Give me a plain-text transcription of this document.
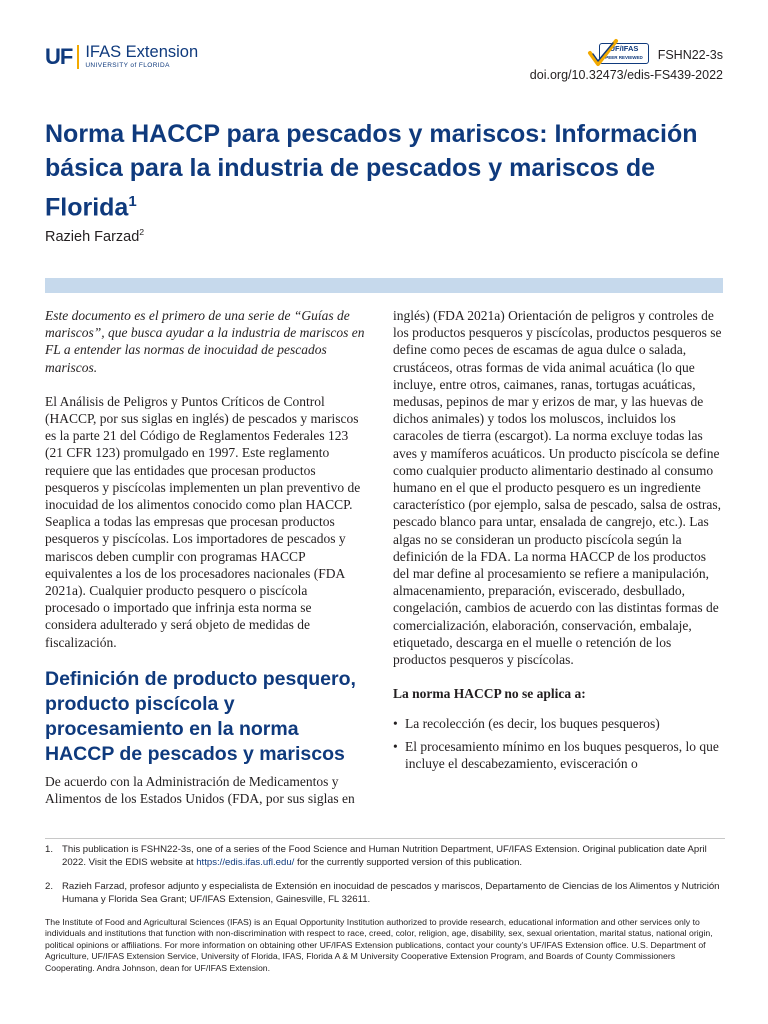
UF IFAS Extension
UNIVERSITY of FLORIDA
UF/IFAS
PEER REVIEWED	FSHN22-3s
doi.org/10.32473/edis-FS439-2022
Norma HACCP para pescados y mariscos: Información básica para la industria de pescados y mariscos de Florida$^1$
Razieh Farzad$^2$

Este documento es el primero de una serie de “Guías de mariscos”, que busca ayudar a la industria de mariscos en FL a entender las normas de inocuidad de pescados mariscos.

El Análisis de Peligros y Puntos Críticos de Control (HACCP, por sus siglas en inglés) de pescados y mariscos es la parte 21 del Código de Reglamentos Federales 123 (21 CFR 123) promulgado en 1997. Este reglamento requiere que las entidades que procesan productos pesqueros y piscícolas implementen un plan preventivo de inocuidad de los alimentos conocido como plan HACCP. Seaplica a todas las empresas que procesan productos pesqueros y piscícolas. Los importadores de pescados y mariscos deben cumplir con programas HACCP equivalentes a los de los procesadores nacionales (FDA 2021a). Cualquier producto pesquero o piscícola procesado o importado que infrinja esta norma se considera adulterado y será objeto de medidas de fiscalización.

Definición de producto pesquero, producto piscícola y procesamiento en la norma HACCP de pescados y mariscos

De acuerdo con la Administración de Medicamentos y Alimentos de los Estados Unidos (FDA, por sus siglas en

inglés) (FDA 2021a) Orientación de peligros y controles de los productos pesqueros y piscícolas, productos pesqueros se define como peces de escamas de agua dulce o salada, crustáceos, otras formas de vida animal acuática (lo que incluye, entre otros, caimanes, ranas, tortugas acuáticas, medusas, pepinos de mar y erizos de mar, y las huevas de dichos animales) y todos los moluscos, incluidos los caracoles de tierra (escargot). La norma excluye todas las aves y mamíferos acuáticos. Un producto piscícola se define como cualquier producto alimentario destinado al consumo humano en el que el producto pesquero es un ingrediente característico (por ejemplo, salsa de pescado, salsa de ostras, pescado blanco para untar, ensalada de cangrejo, etc.). Las algas no se consideran un producto piscícola según la definición de la FDA. La norma HACCP de los productos del mar define al procesamiento se refiere a manipulación, almacenamiento, preparación, eviscerado, desbullado, congelación, cambios de acuerdo con las distintas formas de comercialización, elaboración, conservación, embalaje, etiquetado, descarga en el muelle o retención de los productos pesqueros y piscícolas.

La norma HACCP no se aplica a:

• La recolección (es decir, los buques pesqueros)
• El procesamiento mínimo en los buques pesqueros, lo que incluye el descabezamiento, evisceración o
1. This publication is FSHN22-3s, one of a series of the Food Science and Human Nutrition Department, UF/IFAS Extension. Original publication date April 2022. Visit the EDIS website at https://edis.ifas.ufl.edu/ for the currently supported version of this publication.
2. Razieh Farzad, profesor adjunto y especialista de Extensión en inocuidad de pescados y mariscos, Departamento de Ciencias de los Alimentos y Nutrición Humana y Florida Sea Grant; UF/IFAS Extension, Gainesville, FL 32611.
The Institute of Food and Agricultural Sciences (IFAS) is an Equal Opportunity Institution authorized to provide research, educational information and other services only to individuals and institutions that function with non-discrimination with respect to race, creed, color, religion, age, disability, sex, sexual orientation, marital status, national origin, political opinions or affiliations. For more information on obtaining other UF/IFAS Extension publications, contact your county’s UF/IFAS Extension office. U.S. Department of Agriculture, UF/IFAS Extension Service, University of Florida, IFAS, Florida A & M University Cooperative Extension Program, and Boards of County Commissioners Cooperating. Andra Johnson, dean for UF/IFAS Extension.
